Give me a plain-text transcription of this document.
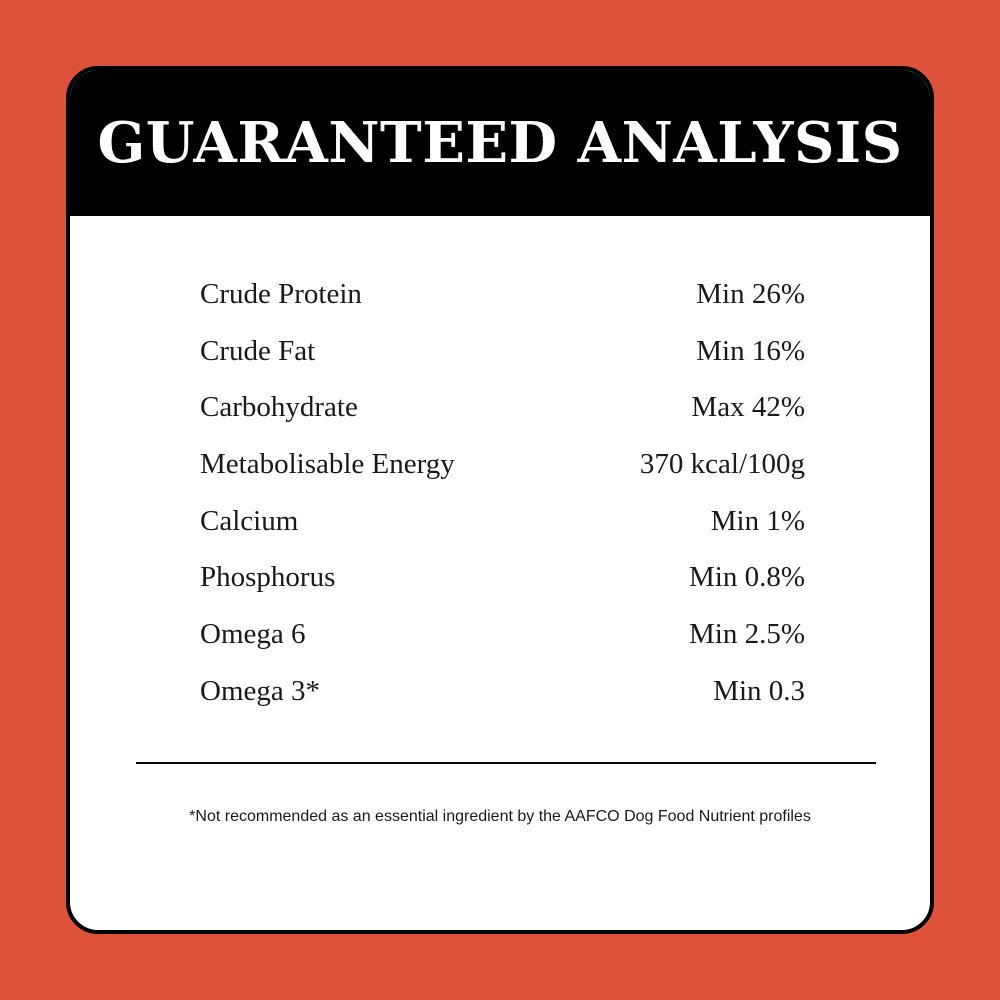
GUARANTEED ANALYSIS
Crude Protein	Min 26%
Crude Fat	Min 16%
Carbohydrate	Max 42%
Metabolisable Energy	370 kcal/100g
Calcium	Min 1%
Phosphorus	Min 0.8%
Omega 6	Min 2.5%
Omega 3*	Min 0.3
*Not recommended as an essential ingredient by the AAFCO Dog Food Nutrient profiles
